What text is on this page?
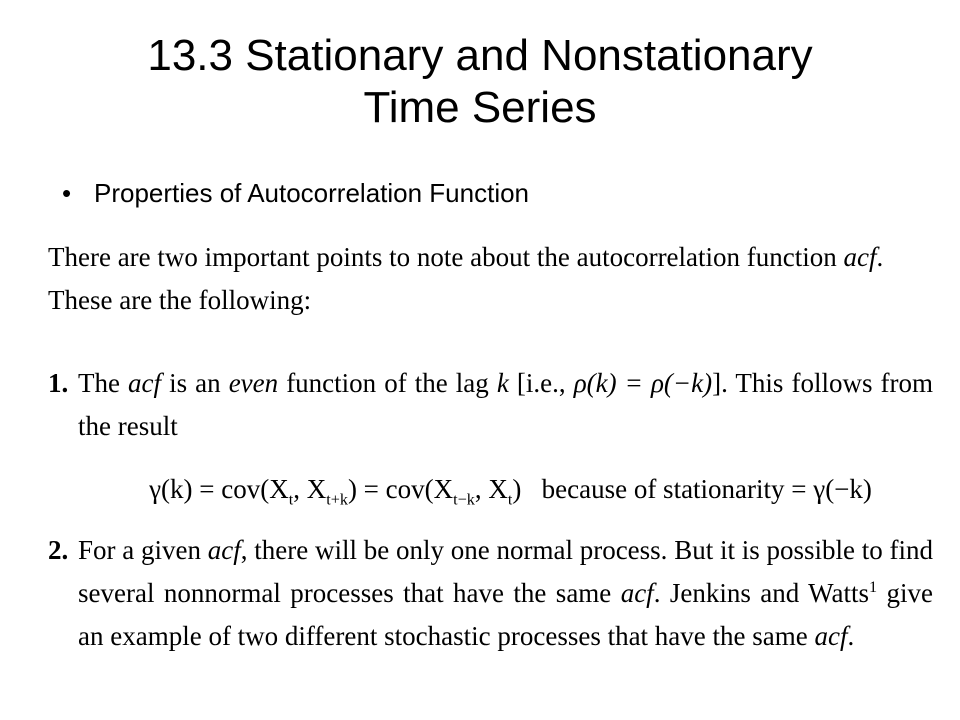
13.3 Stationary and Nonstationary
Time Series
• Properties of Autocorrelation Function

There are two important points to note about the autocorrelation function acf. These are the following:

1. The acf is an even function of the lag k [i.e., ρ(k) = ρ(−k)]. This follows from the result

$\gamma(k) = cov(X_t$, $X_{t+k}) = cov(X_{t-k}$, $X_t$) because of stationarity = γ(−k)

2. For a given acf, there will be only one normal process. But it is possible to find several nonnormal processes that have the same acf. Jenkins and Watts$^1$ give an example of two different stochastic processes that have the same acf.
